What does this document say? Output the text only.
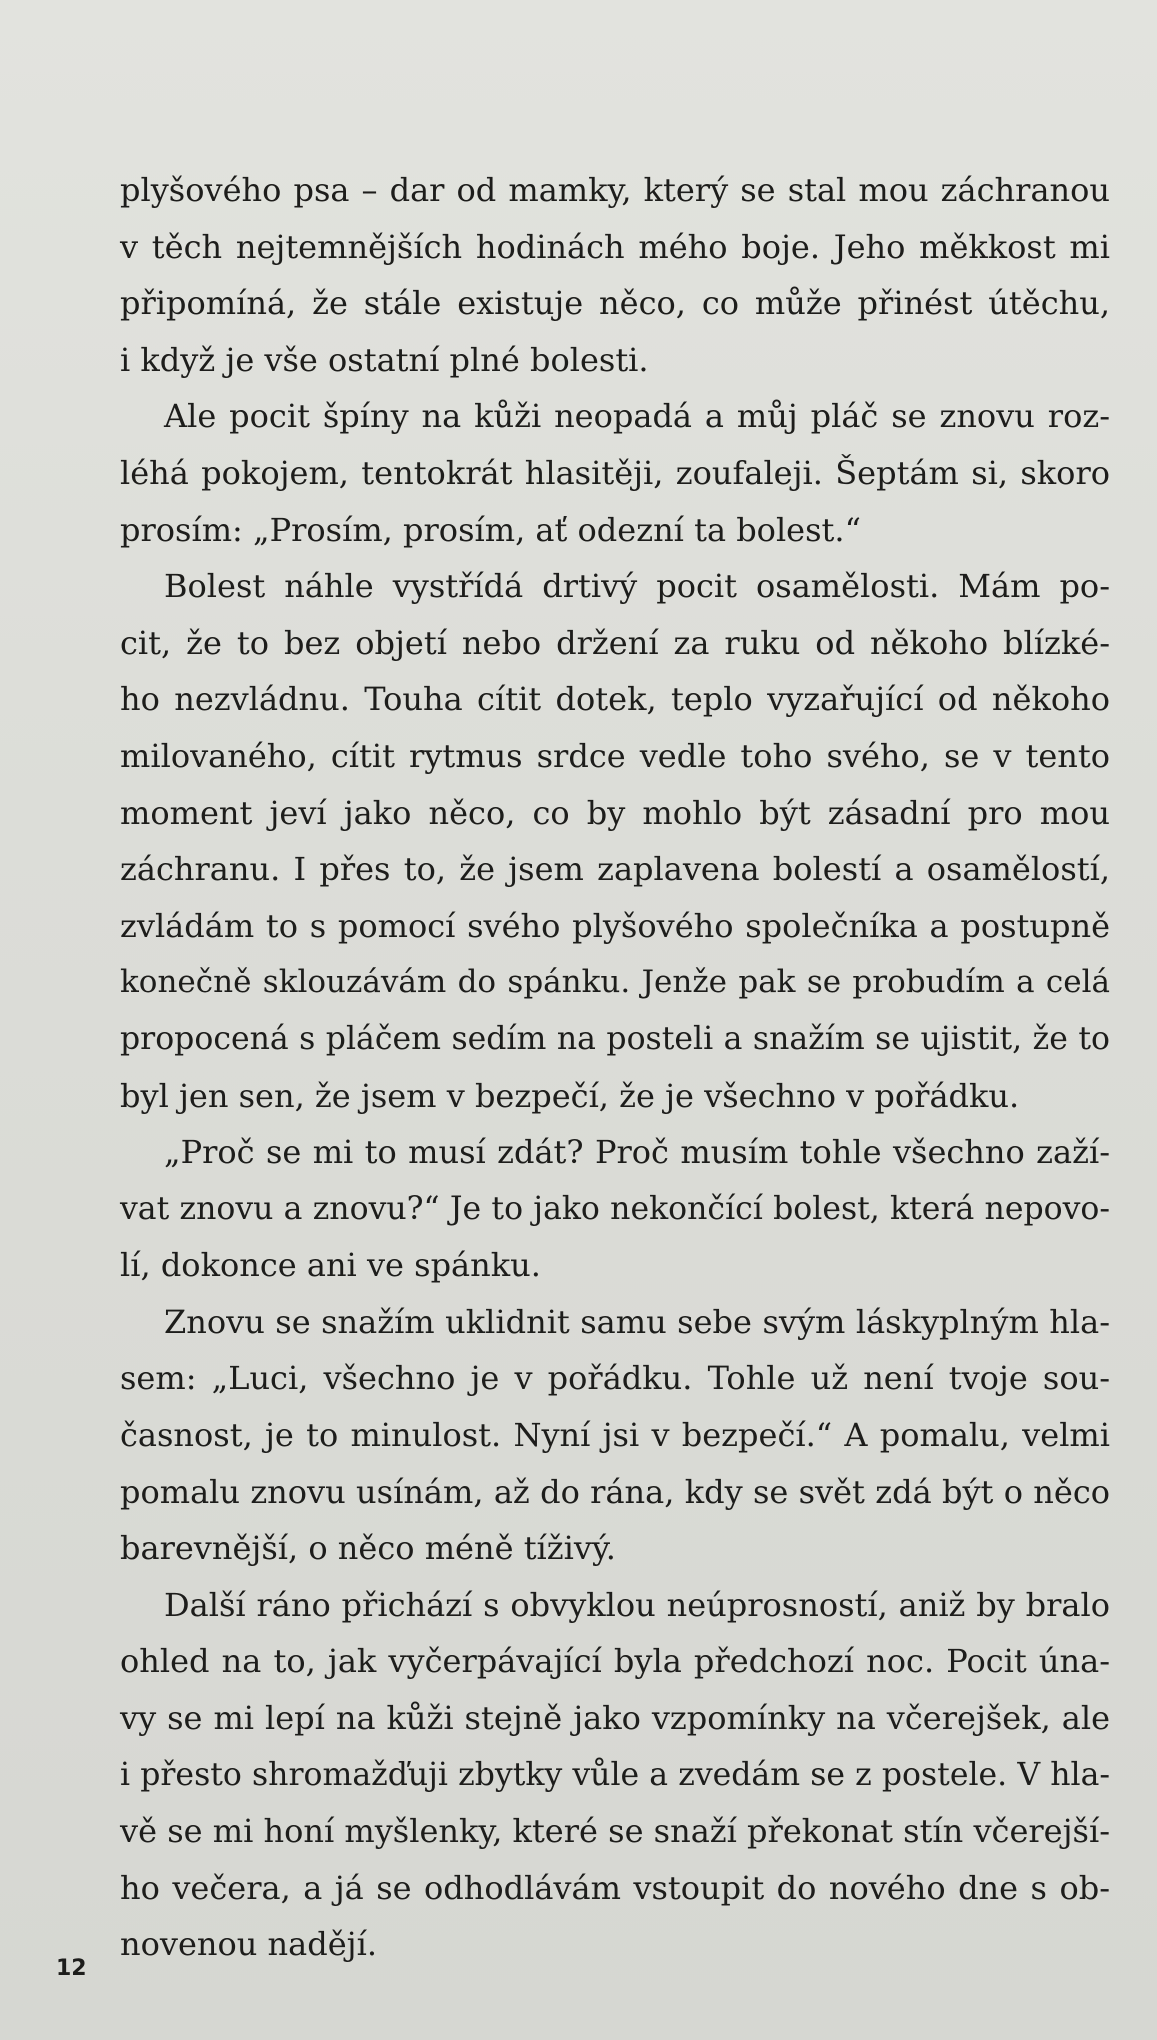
plyšového psa – dar od mamky, který se stal mou záchranou
v těch nejtemnějších hodinách mého boje. Jeho měkkost mi
připomíná, že stále existuje něco, co může přinést útěchu,
i když je vše ostatní plné bolesti.
Ale pocit špíny na kůži neopadá a můj pláč se znovu roz-
léhá pokojem, tentokrát hlasitěji, zoufaleji. Šeptám si, skoro
prosím: „Prosím, prosím, ať odezní ta bolest.“
Bolest náhle vystřídá drtivý pocit osamělosti. Mám po-
cit, že to bez objetí nebo držení za ruku od někoho blízké-
ho nezvládnu. Touha cítit dotek, teplo vyzařující od někoho
milovaného, cítit rytmus srdce vedle toho svého, se v tento
moment jeví jako něco, co by mohlo být zásadní pro mou
záchranu. I přes to, že jsem zaplavena bolestí a osamělostí,
zvládám to s pomocí svého plyšového společníka a postupně
konečně sklouzávám do spánku. Jenže pak se probudím a celá
propocená s pláčem sedím na posteli a snažím se ujistit, že to
byl jen sen, že jsem v bezpečí, že je všechno v pořádku.
„Proč se mi to musí zdát? Proč musím tohle všechno zaží-
vat znovu a znovu?“ Je to jako nekončící bolest, která nepovo-
lí, dokonce ani ve spánku.
Znovu se snažím uklidnit samu sebe svým láskyplným hla-
sem: „Luci, všechno je v pořádku. Tohle už není tvoje sou-
časnost, je to minulost. Nyní jsi v bezpečí.“ A pomalu, velmi
pomalu znovu usínám, až do rána, kdy se svět zdá být o něco
barevnější, o něco méně tíživý.
Další ráno přichází s obvyklou neúprosností, aniž by bralo
ohled na to, jak vyčerpávající byla předchozí noc. Pocit úna-
vy se mi lepí na kůži stejně jako vzpomínky na včerejšek, ale
i přesto shromažďuji zbytky vůle a zvedám se z postele. V hla-
vě se mi honí myšlenky, které se snaží překonat stín včerejší-
ho večera, a já se odhodlávám vstoupit do nového dne s ob-
novenou nadějí.
12
